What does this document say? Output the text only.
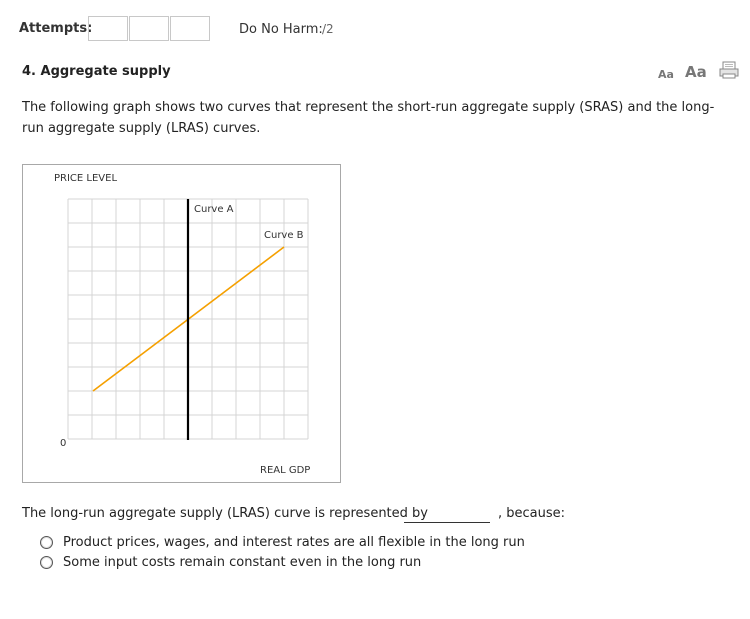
Attempts:	Do No Harm: /2
4. Aggregate supply	Aa Aa
The following graph shows two curves that represent the short-run aggregate supply (SRAS) and the long-run aggregate supply (LRAS) curves.
PRICE LEVEL
REAL GDP
0
Curve A
Curve B
The long-run aggregate supply (LRAS) curve is represented by	, because:
Product prices, wages, and interest rates are all flexible in the long run
Some input costs remain constant even in the long run
